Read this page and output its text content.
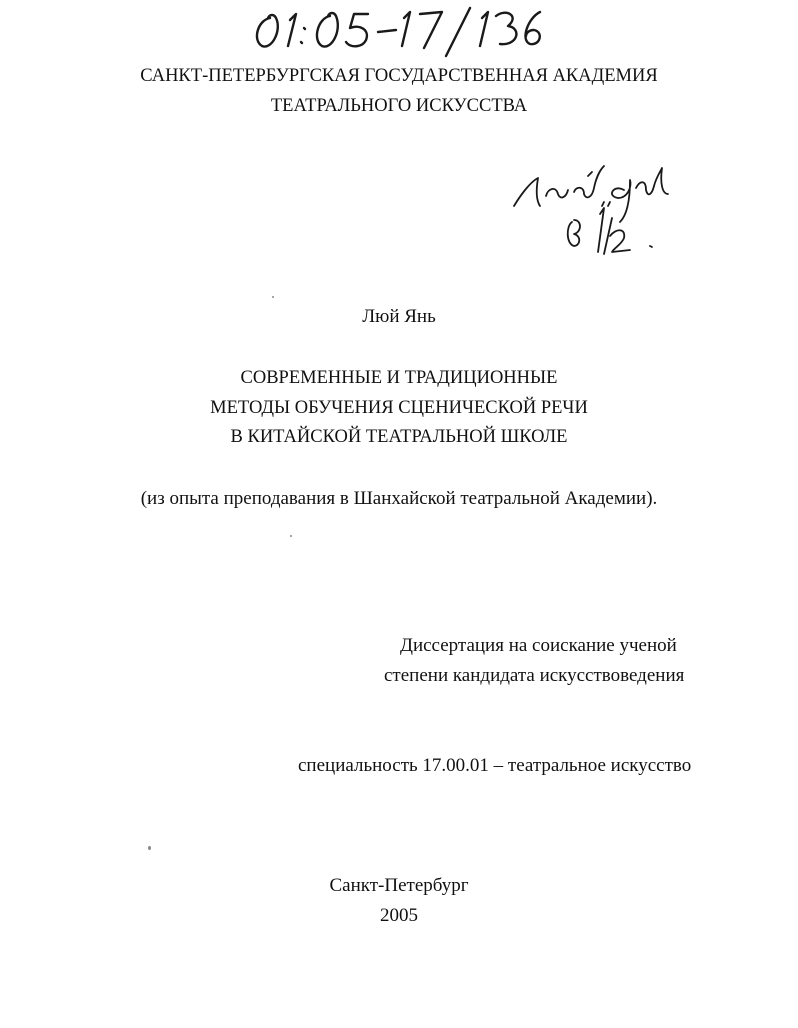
САНКТ-ПЕТЕРБУРГСКАЯ ГОСУДАРСТВЕННАЯ АКАДЕМИЯ
ТЕАТРАЛЬНОГО ИСКУССТВА
Люй Янь
СОВРЕМЕННЫЕ И ТРАДИЦИОННЫЕ
МЕТОДЫ ОБУЧЕНИЯ СЦЕНИЧЕСКОЙ РЕЧИ
В КИТАЙСКОЙ ТЕАТРАЛЬНОЙ ШКОЛЕ
(из опыта преподавания в Шанхайской театральной Академии).
Диссертация на соискание ученой
степени кандидата искусствоведения
специальность 17.00.01 – театральное искусство
Санкт-Петербург
2005
